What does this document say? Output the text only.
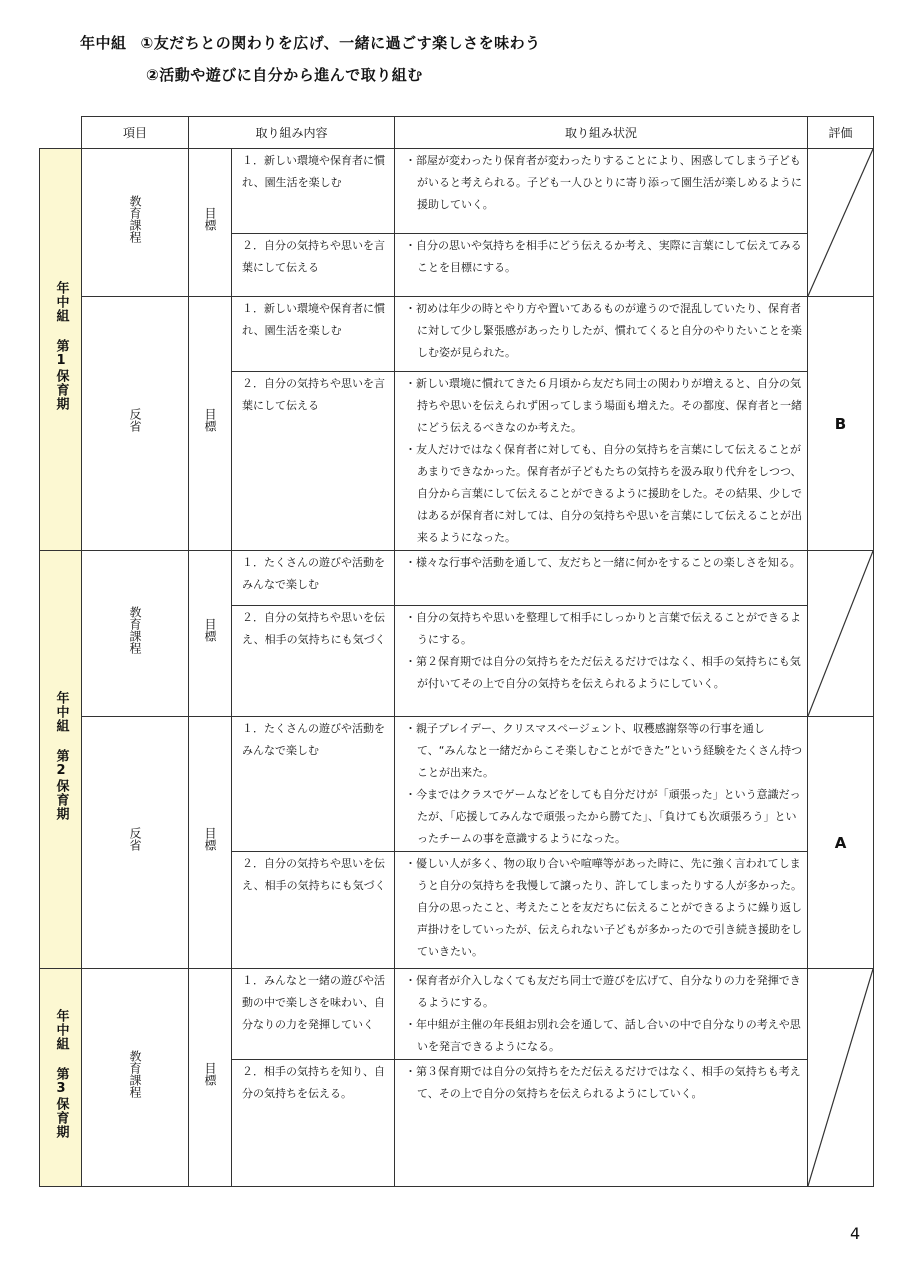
年中組 ①友だちとの関わりを広げ、一緒に過ごす楽しさを味わう
②活動や遊びに自分から進んで取り組む
	項目	取り組み内容		取り組み状況	評価
年中組 第1保育期	教育課程	目標	１．新しい環境や保育者に慣れ、園生活を楽しむ	・部屋が変わったり保育者が変わったりすることにより、困惑してしまう子どもがいると考えられる。子ども一人ひとりに寄り添って園生活が楽しめるように援助していく。

			２．自分の気持ちや思いを言葉にして伝える	・自分の思いや気持ちを相手にどう伝えるか考え、実際に言葉にして伝えてみることを目標にする。	

	反省	目標	１．新しい環境や保育者に慣れ、園生活を楽しむ	・初めは年少の時とやり方や置いてあるものが違うので混乱していたり、保育者に対して少し緊張感があったりしたが、慣れてくると自分のやりたいことを楽しむ姿が見られた。	B
			２．自分の気持ちや思いを言葉にして伝える	・新しい環境に慣れてきた６月頃から友だち同士の関わりが増えると、自分の気持ちや思いを伝えられず困ってしまう場面も増えた。その都度、保育者と一緒にどう伝えるべきなのか考えた。
・友人だけではなく保育者に対しても、自分の気持ちを言葉にして伝えることがあまりできなかった。保育者が子どもたちの気持ちを汲み取り代弁をしつつ、自分から言葉にして伝えることができるように援助をした。その結果、少しではあるが保育者に対しては、自分の気持ちや思いを言葉にして伝えることが出来るようになった。	

年中組 第2保育期	教育課程	目標	１．たくさんの遊びや活動をみんなで楽しむ	・様々な行事や活動を通して、友だちと一緒に何かをすることの楽しさを知る。

			２．自分の気持ちや思いを伝え、相手の気持ちにも気づく	・自分の気持ちや思いを整理して相手にしっかりと言葉で伝えることができるようにする。
・第２保育期では自分の気持ちをただ伝えるだけではなく、相手の気持ちにも気が付いてその上で自分の気持ちを伝えられるようにしていく。	

	反省	目標	１．たくさんの遊びや活動をみんなで楽しむ	・親子プレイデー、クリスマスページェント、収穫感謝祭等の行事を通して、“みんなと一緒だからこそ楽しむことができた”という経験をたくさん持つことが出来た。
・今まではクラスでゲームなどをしても自分だけが「頑張った」という意識だったが、「応援してみんなで頑張ったから勝てた」、「負けても次頑張ろう」といったチームの事を意識するようになった。	A
			２．自分の気持ちや思いを伝え、相手の気持ちにも気づく	・優しい人が多く、物の取り合いや喧嘩等があった時に、先に強く言われてしまうと自分の気持ちを我慢して譲ったり、許してしまったりする人が多かった。自分の思ったこと、考えたことを友だちに伝えることができるように繰り返し声掛けをしていったが、伝えられない子どもが多かったので引き続き援助をしていきたい。	

年中組 第3保育期	教育課程	目標	１．みんなと一緒の遊びや活動の中で楽しさを味わい、自分なりの力を発揮していく	・保育者が介入しなくても友だち同士で遊びを広げて、自分なりの力を発揮できるようにする。
・年中組が主催の年長組お別れ会を通して、話し合いの中で自分なりの考えや思いを発言できるようになる。

			２．相手の気持ちを知り、自分の気持ちを伝える。	・第３保育期では自分の気持ちをただ伝えるだけではなく、相手の気持ちも考えて、その上で自分の気持ちを伝えられるようにしていく。	
4
